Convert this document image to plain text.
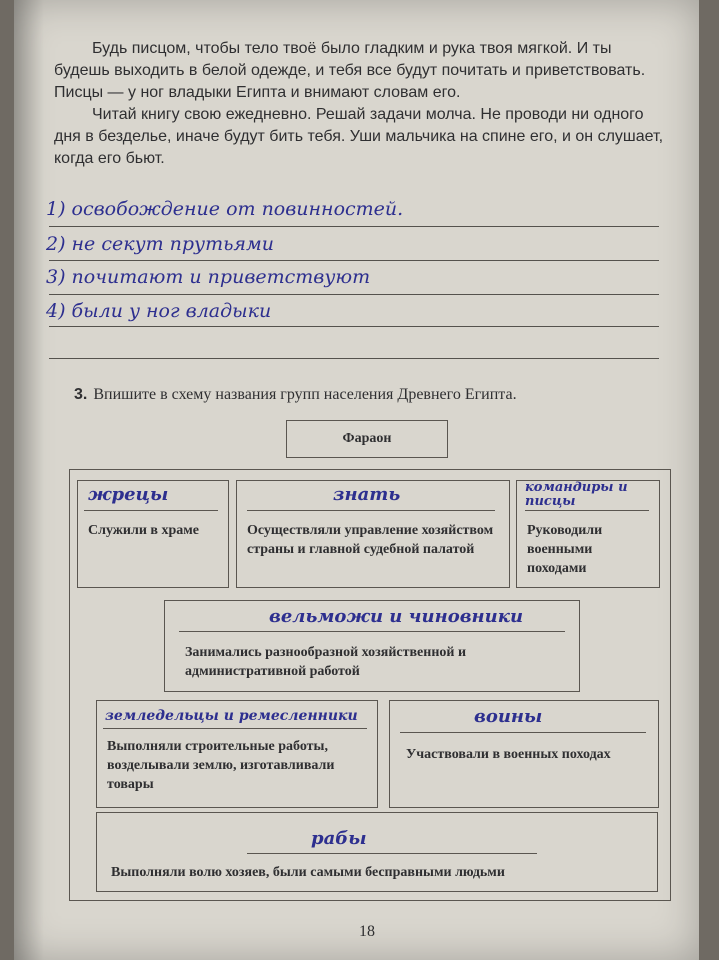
Будь писцом, чтобы тело твоё было гладким и рука твоя мягкой. И ты будешь выходить в белой одежде, и тебя все будут почитать и приветствовать. Писцы — у ног владыки Египта и внимают словам его.

Читай книгу свою ежедневно. Решай задачи молча. Не проводи ни одного дня в безделье, иначе будут бить тебя. Уши мальчика на спине его, и он слушает, когда его бьют.

1) освобождение от повинностей.
2) не секут прутьями
3) почитают и приветствуют
4) были у ног владыки
3. Впишите в схему названия групп населения Древнего Египта.
Фараон
жрецы
Служили в храме
знать
Осуществляли управление хозяйством страны и главной судебной палатой
командиры и писцы
Руководили военными походами
вельможи и чиновники
Занимались разнообразной хозяйственной и административной работой
земледельцы и ремесленники
Выполняли строительные работы, возделывали землю, изготавливали товары
воины
Участвовали в военных походах
рабы
Выполняли волю хозяев, были самыми бесправными людьми
18
